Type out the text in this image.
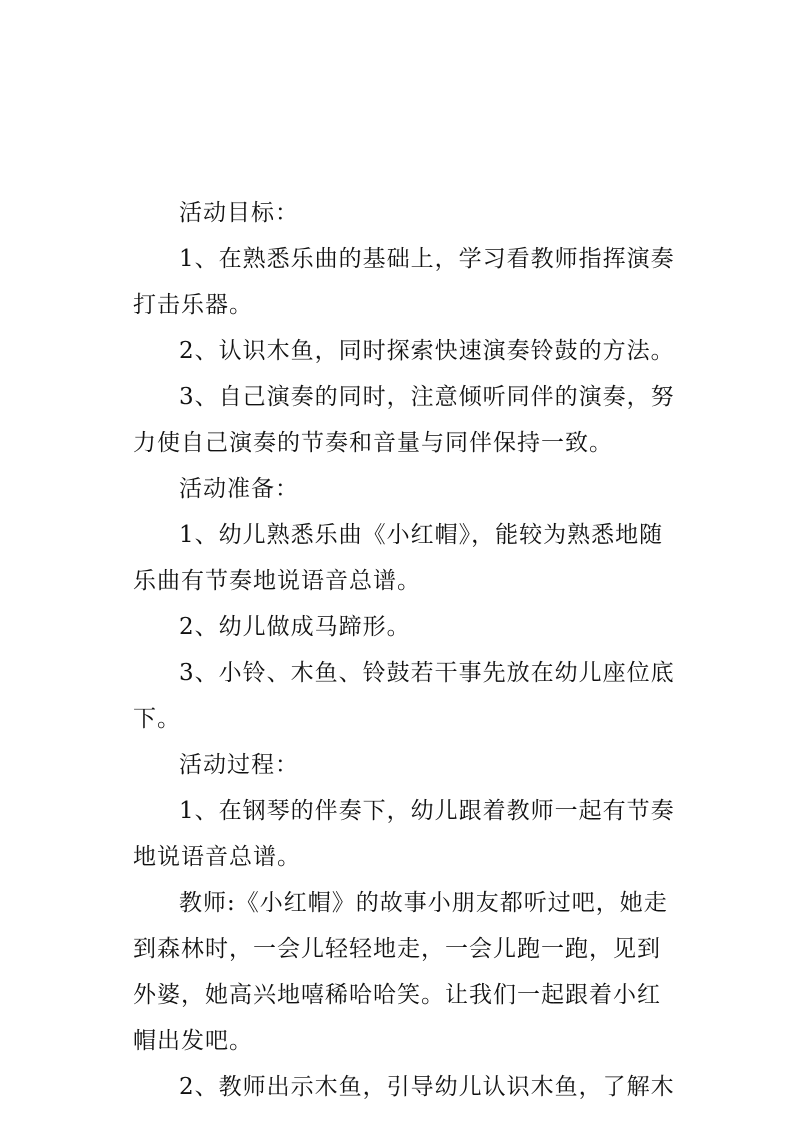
活动目标：
1、在熟悉乐曲的基础上，学习看教师指挥演奏
打击乐器。
2、认识木鱼，同时探索快速演奏铃鼓的方法。
3、自己演奏的同时，注意倾听同伴的演奏，努
力使自己演奏的节奏和音量与同伴保持一致。
活动准备：
1、幼儿熟悉乐曲《小红帽》，能较为熟悉地随
乐曲有节奏地说语音总谱。
2、幼儿做成马蹄形。
3、小铃、木鱼、铃鼓若干事先放在幼儿座位底
下。
活动过程：
1、在钢琴的伴奏下，幼儿跟着教师一起有节奏
地说语音总谱。
教师:《小红帽》的故事小朋友都听过吧，她走
到森林时，一会儿轻轻地走，一会儿跑一跑，见到
外婆，她高兴地嘻稀哈哈笑。让我们一起跟着小红
帽出发吧。
2、教师出示木鱼，引导幼儿认识木鱼，了解木
